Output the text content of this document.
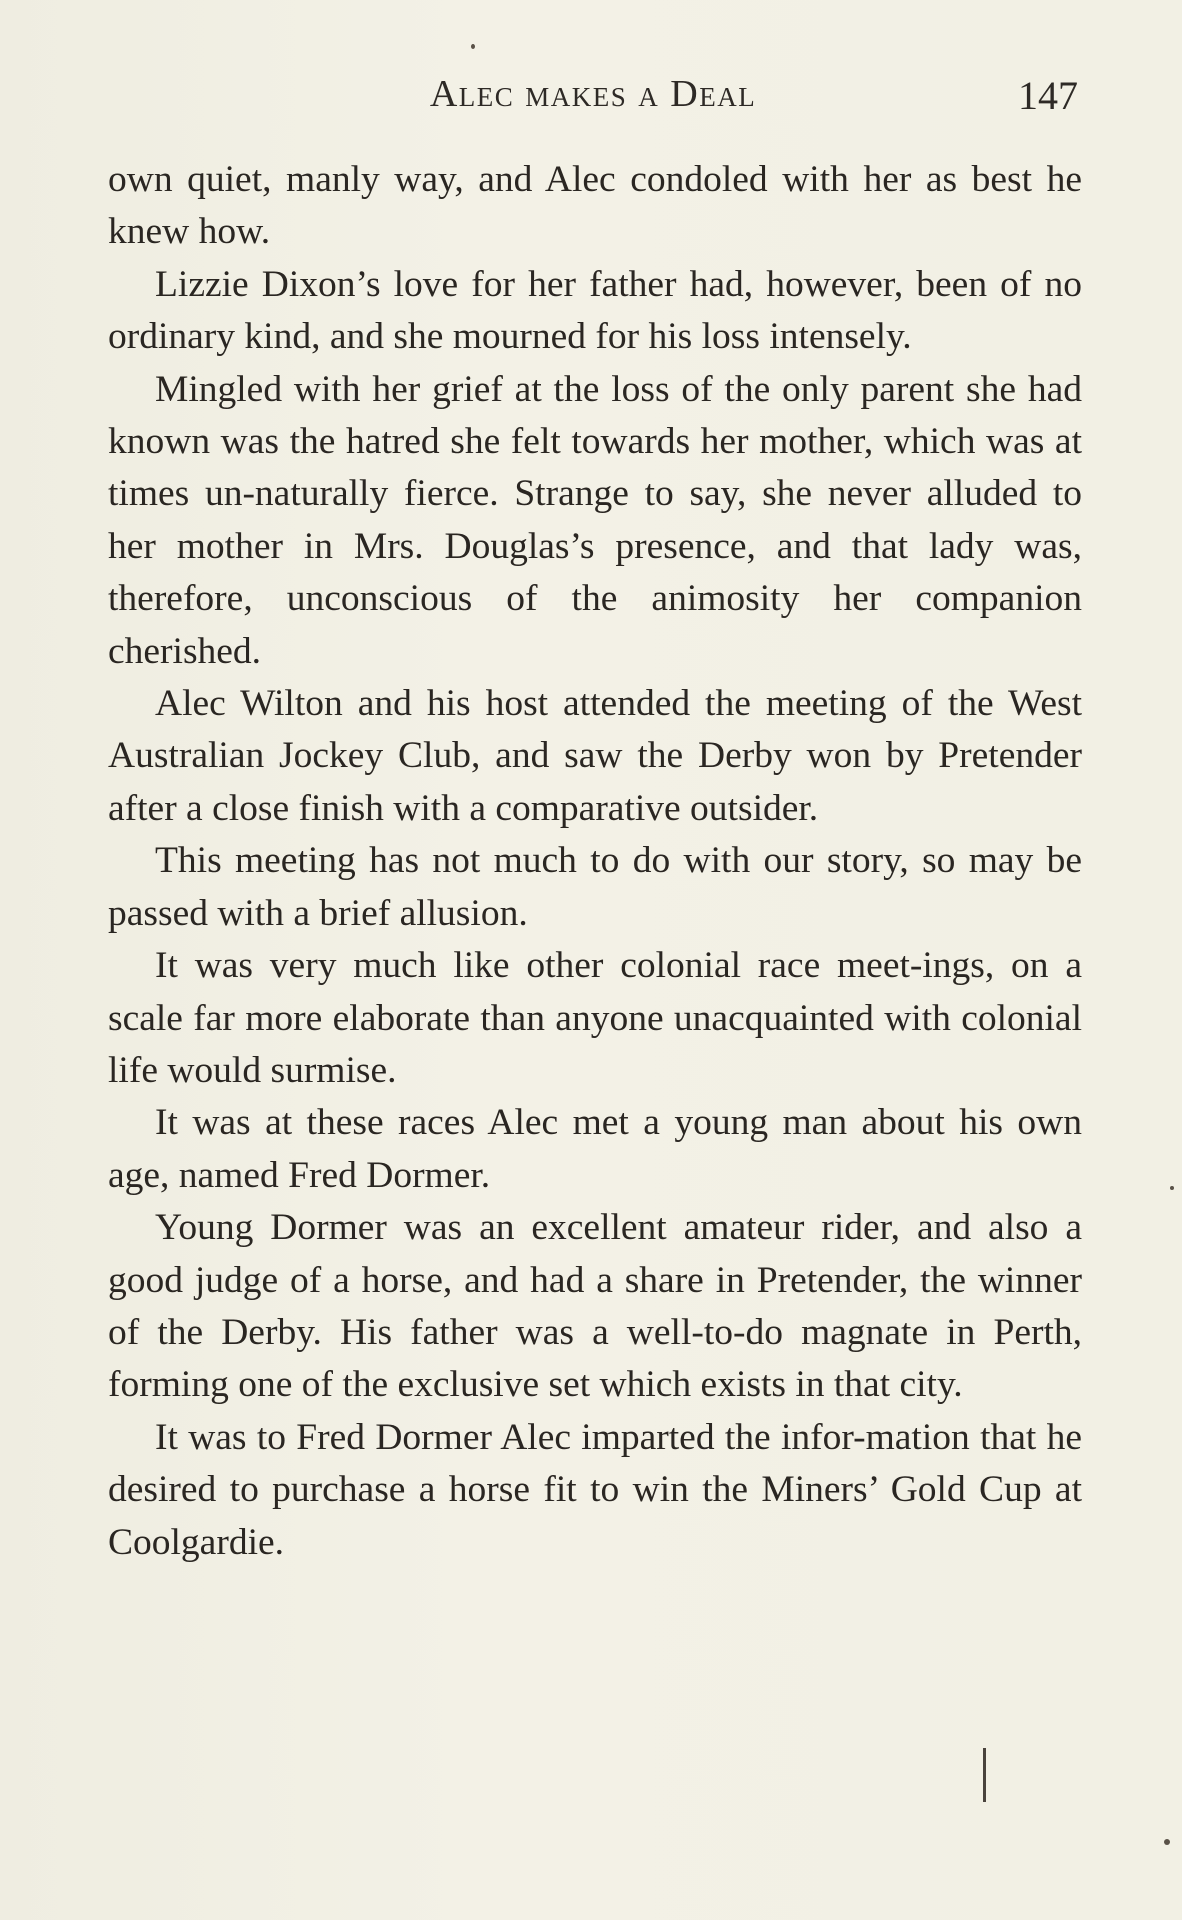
Alec makes a Deal	147

own quiet, manly way, and Alec condoled with her as best he knew how.

Lizzie Dixon’s love for her father had, however, been of no ordinary kind, and she mourned for his loss intensely.

Mingled with her grief at the loss of the only parent she had known was the hatred she felt towards her mother, which was at times un-naturally fierce. Strange to say, she never alluded to her mother in Mrs. Douglas’s presence, and that lady was, therefore, unconscious of the animosity her companion cherished.

Alec Wilton and his host attended the meeting of the West Australian Jockey Club, and saw the Derby won by Pretender after a close finish with a comparative outsider.

This meeting has not much to do with our story, so may be passed with a brief allusion.

It was very much like other colonial race meet-ings, on a scale far more elaborate than anyone unacquainted with colonial life would surmise.

It was at these races Alec met a young man about his own age, named Fred Dormer.

Young Dormer was an excellent amateur rider, and also a good judge of a horse, and had a share in Pretender, the winner of the Derby. His father was a well-to-do magnate in Perth, forming one of the exclusive set which exists in that city.

It was to Fred Dormer Alec imparted the infor-mation that he desired to purchase a horse fit to win the Miners’ Gold Cup at Coolgardie.
